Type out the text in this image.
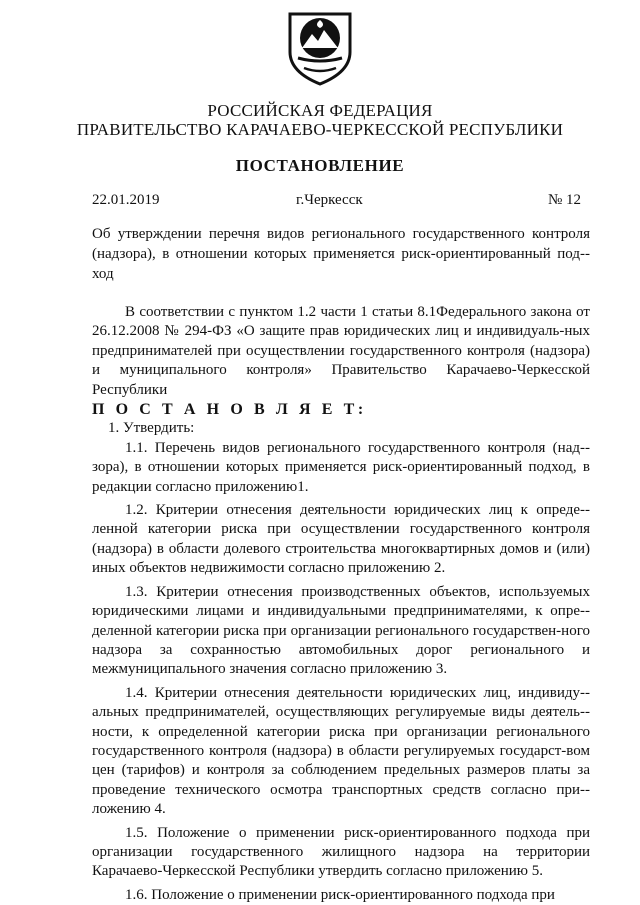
РОССИЙСКАЯ ФЕДЕРАЦИЯ
ПРАВИТЕЛЬСТВО КАРАЧАЕВО-ЧЕРКЕССКОЙ РЕСПУБЛИКИ
ПОСТАНОВЛЕНИЕ
22.01.2019	г.Черкесск	№ 12
Об утверждении перечня видов регионального государственного контроля (надзора), в отношении которых применяется риск-ориентированный под-ход

В соответствии с пунктом 1.2 части 1 статьи 8.1Федерального закона от 26.12.2008 № 294-ФЗ «О защите прав юридических лиц и индивидуаль-ных предпринимателей при осуществлении государственного контроля (надзора) и муниципального контроля» Правительство Карачаево-Черкесской Республики

П О С Т А Н О В Л Я Е Т:

1. Утвердить:

1.1. Перечень видов регионального государственного контроля (над-зора), в отношении которых применяется риск-ориентированный подход, в редакции согласно приложению1.

1.2. Критерии отнесения деятельности юридических лиц к опреде-ленной категории риска при осуществлении государственного контроля (надзора) в области долевого строительства многоквартирных домов и (или) иных объектов недвижимости согласно приложению 2.

1.3. Критерии отнесения производственных объектов, используемых юридическими лицами и индивидуальными предпринимателями, к опре-деленной категории риска при организации регионального государствен-ного надзора за сохранностью автомобильных дорог регионального и межмуниципального значения согласно приложению 3.

1.4. Критерии отнесения деятельности юридических лиц, индивиду-альных предпринимателей, осуществляющих регулируемые виды деятель-ности, к определенной категории риска при организации регионального государственного контроля (надзора) в области регулируемых государст-вом цен (тарифов) и контроля за соблюдением предельных размеров платы за проведение технического осмотра транспортных средств согласно при-ложению 4.

1.5. Положение о применении риск-ориентированного подхода при организации государственного жилищного надзора на территории Карачаево-Черкесской Республики утвердить согласно приложению 5.

1.6. Положение о применении риск-ориентированного подхода при
